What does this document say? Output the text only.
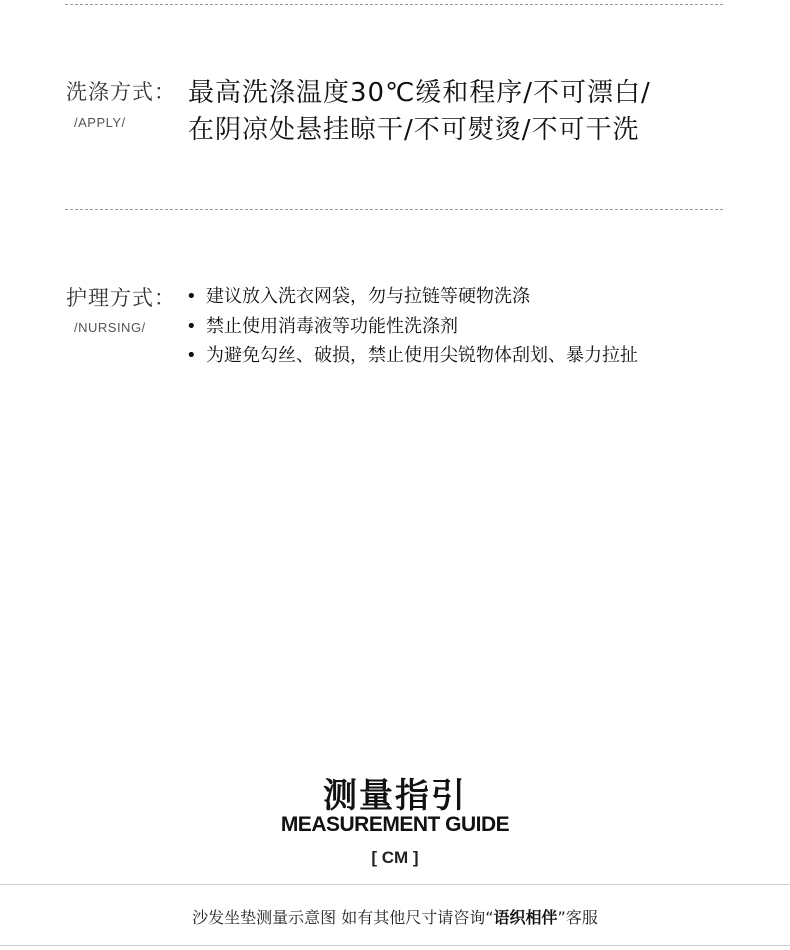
洗涤方式：
/APPLY/
最高洗涤温度30℃缓和程序/不可漂白/
在阴凉处悬挂晾干/不可熨烫/不可干洗
护理方式：
/NURSING/
• 建议放入洗衣网袋，勿与拉链等硬物洗涤
• 禁止使用消毒液等功能性洗涤剂
• 为避免勾丝、破损，禁止使用尖锐物体刮划、暴力拉扯
测量指引
MEASUREMENT GUIDE
[ CM ]
沙发坐垫测量示意图 如有其他尺寸请咨询“语织相伴”客服
